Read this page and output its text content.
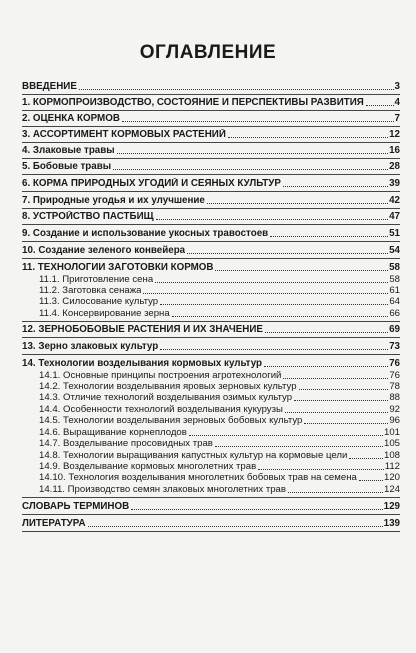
ОГЛАВЛЕНИЕ
ВВЕДЕНИЕ	3
1. КОРМОПРОИЗВОДСТВО, СОСТОЯНИЕ И ПЕРСПЕКТИВЫ РАЗВИТИЯ	4
2. ОЦЕНКА КОРМОВ	7
3. АССОРТИМЕНТ КОРМОВЫХ РАСТЕНИЙ	12
4. Злаковые травы	16
5. Бобовые травы	28
6. КОРМА ПРИРОДНЫХ УГОДИЙ И СЕЯНЫХ КУЛЬТУР	39
7. Природные угодья и их улучшение	42
8. УСТРОЙСТВО ПАСТБИЩ	47
9. Создание и использование укосных травостоев	51
10. Создание зеленого конвейера	54
11. ТЕХНОЛОГИИ ЗАГОТОВКИ КОРМОВ	58
11.1. Приготовление сена	58
11.2. Заготовка сенажа	61
11.3. Силосование культур	64
11.4. Консервирование зерна	66
12. ЗЕРНОБОБОВЫЕ РАСТЕНИЯ И ИХ ЗНАЧЕНИЕ	69
13. Зерно злаковых культур	73
14. Технологии возделывания кормовых культур	76
14.1. Основные принципы построения агротехнологий	76
14.2. Технологии возделывания яровых зерновых культур	78
14.3. Отличие технологий возделывания озимых культур	88
14.4. Особенности технологий возделывания кукурузы	92
14.5. Технологии возделывания зерновых бобовых культур	96
14.6. Выращивание корнеплодов	101
14.7. Возделывание просовидных трав	105
14.8. Технологии выращивания капустных культур на кормовые цели	108
14.9. Возделывание кормовых многолетних трав	112
14.10. Технология возделывания многолетних бобовых трав на семена	120
14.11. Производство семян злаковых многолетних трав	124
СЛОВАРЬ ТЕРМИНОВ	129
ЛИТЕРАТУРА	139
